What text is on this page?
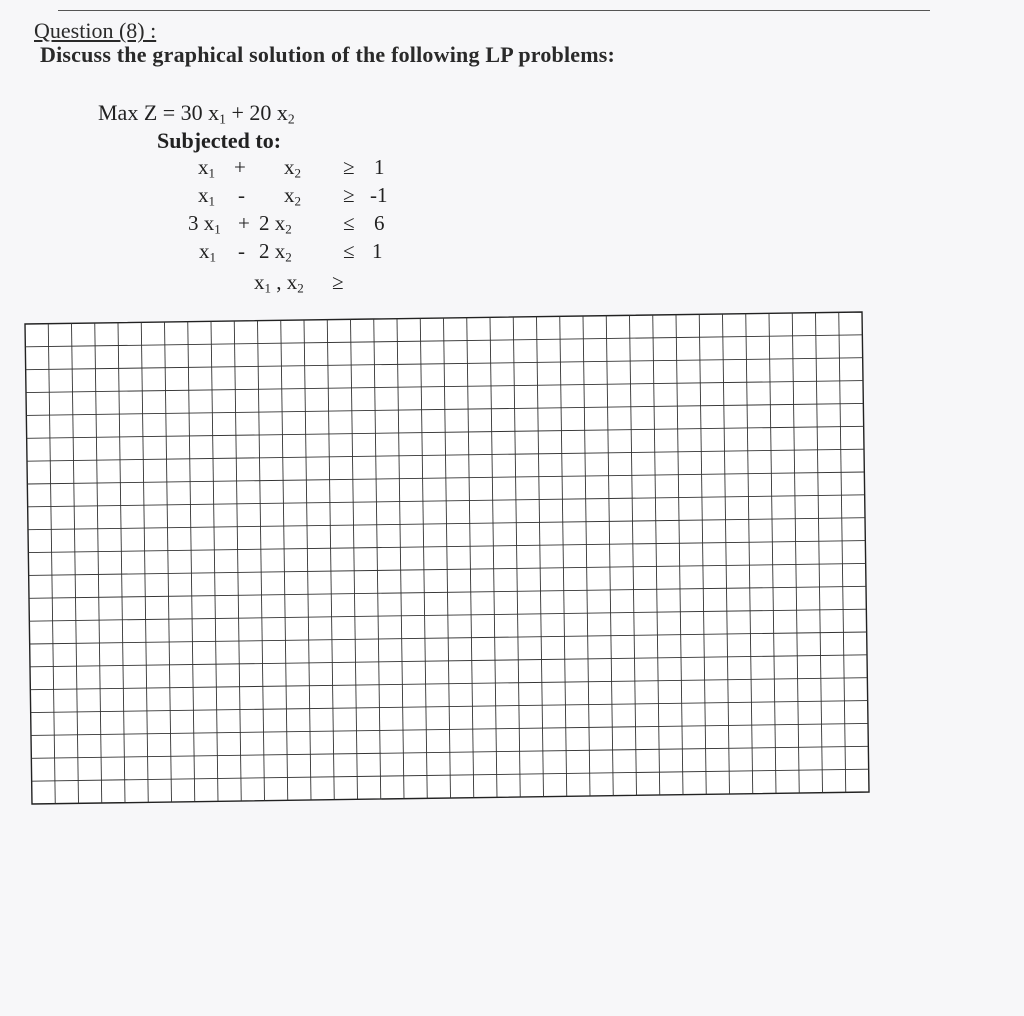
Question (8) :
Discuss the graphical solution of the following LP problems:
Max Z = 30 $x_1 + 20$ $x_2$
Subjected to:
$x_1 + x_2 \ge 1$
$x_1 - x_2 \ge -1$
3 $x_1 + 2$ $x_2 \le 6$
$x_1 - 2$ $x_2 \le 1$
$x_1$ , $x_2$ ≥
